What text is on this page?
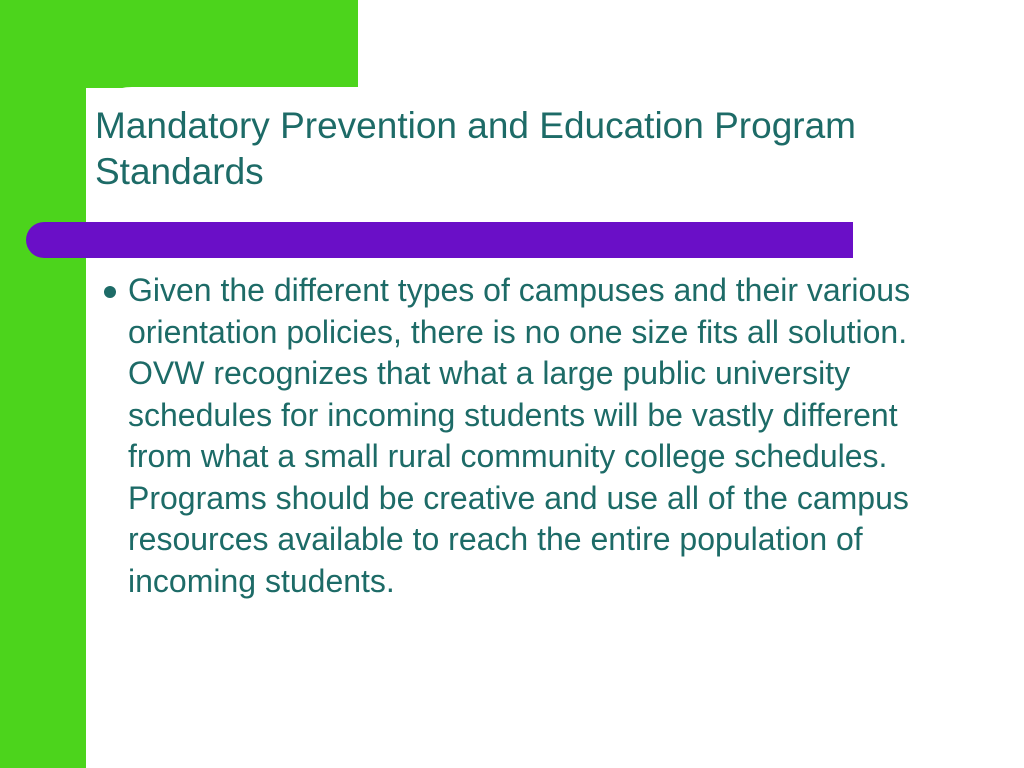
Mandatory Prevention and Education Program Standards
Given the different types of campuses and their various orientation policies, there is no one size fits all solution. OVW recognizes that what a large public university schedules for incoming students will be vastly different from what a small rural community college schedules. Programs should be creative and use all of the campus resources available to reach the entire population of incoming students.
